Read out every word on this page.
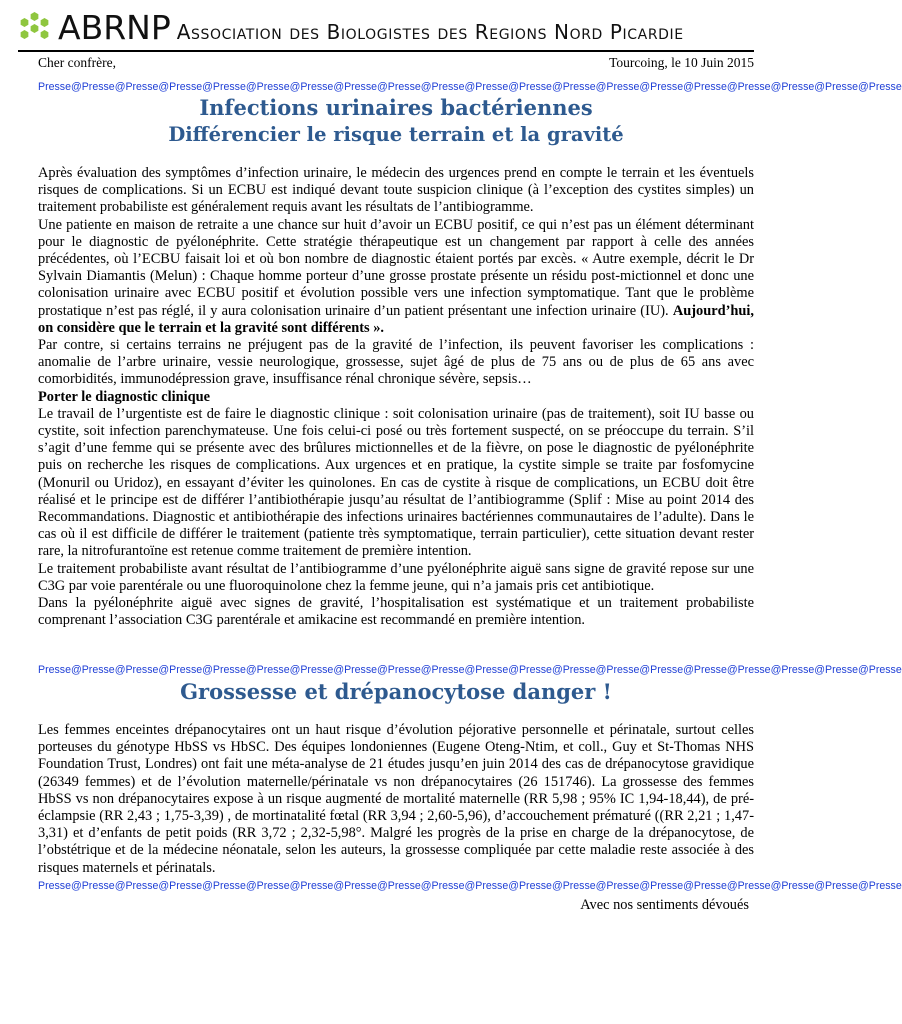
ABRNP Association des Biologistes des Regions Nord Picardie
Cher confrère,	Tourcoing, le 10 Juin 2015
Presse@Presse@Presse@Presse@Presse@Presse@Presse@Presse@Presse@Presse@Presse@Presse@Presse@Presse@Presse@Presse@Presse@Presse@Presse@Presse
Infections urinaires bactériennes
Différencier le risque terrain et la gravité

Après évaluation des symptômes d’infection urinaire, le médecin des urgences prend en compte le terrain et les éventuels risques de complications. Si un ECBU est indiqué devant toute suspicion clinique (à l’exception des cystites simples) un traitement probabiliste est généralement requis avant les résultats de l’antibiogramme.

Une patiente en maison de retraite a une chance sur huit d’avoir un ECBU positif, ce qui n’est pas un élément déterminant pour le diagnostic de pyélonéphrite. Cette stratégie thérapeutique est un changement par rapport à celle des années précédentes, où l’ECBU faisait loi et où bon nombre de diagnostic étaient portés par excès. « Autre exemple, décrit le Dr Sylvain Diamantis (Melun) : Chaque homme porteur d’une grosse prostate présente un résidu post-mictionnel et donc une colonisation urinaire avec ECBU positif et évolution possible vers une infection symptomatique. Tant que le problème prostatique n’est pas réglé, il y aura colonisation urinaire d’un patient présentant une infection urinaire (IU). Aujourd’hui, on considère que le terrain et la gravité sont différents ».

Par contre, si certains terrains ne préjugent pas de la gravité de l’infection, ils peuvent favoriser les complications : anomalie de l’arbre urinaire, vessie neurologique, grossesse, sujet âgé de plus de 75 ans ou de plus de 65 ans avec comorbidités, immunodépression grave, insuffisance rénal chronique sévère, sepsis…

Porter le diagnostic clinique

Le travail de l’urgentiste est de faire le diagnostic clinique : soit colonisation urinaire (pas de traitement), soit IU basse ou cystite, soit infection parenchymateuse. Une fois celui-ci posé ou très fortement suspecté, on se préoccupe du terrain. S’il s’agit d’une femme qui se présente avec des brûlures mictionnelles et de la fièvre, on pose le diagnostic de pyélonéphrite puis on recherche les risques de complications. Aux urgences et en pratique, la cystite simple se traite par fosfomycine (Monuril ou Uridoz), en essayant d’éviter les quinolones. En cas de cystite à risque de complications, un ECBU doit être réalisé et le principe est de différer l’antibiothérapie jusqu’au résultat de l’antibiogramme (Splif : Mise au point 2014 des Recommandations. Diagnostic et antibiothérapie des infections urinaires bactériennes communautaires de l’adulte). Dans le cas où il est difficile de différer le traitement (patiente très symptomatique, terrain particulier), cette situation devant rester rare, la nitrofurantoïne est retenue comme traitement de première intention.

Le traitement probabiliste avant résultat de l’antibiogramme d’une pyélonéphrite aiguë sans signe de gravité repose sur une C3G par voie parentérale ou une fluoroquinolone chez la femme jeune, qui n’a jamais pris cet antibiotique.

Dans la pyélonéphrite aiguë avec signes de gravité, l’hospitalisation est systématique et un traitement probabiliste comprenant l’association C3G parentérale et amikacine est recommandé en première intention.

Presse@Presse@Presse@Presse@Presse@Presse@Presse@Presse@Presse@Presse@Presse@Presse@Presse@Presse@Presse@Presse@Presse@Presse@Presse@Presse
Grossesse et drépanocytose danger !

Les femmes enceintes drépanocytaires ont un haut risque d’évolution péjorative personnelle et périnatale, surtout celles porteuses du génotype HbSS vs HbSC. Des équipes londoniennes (Eugene Oteng-Ntim, et coll., Guy et St-Thomas NHS Foundation Trust, Londres) ont fait une méta-analyse de 21 études jusqu’en juin 2014 des cas de drépanocytose gravidique (26349 femmes) et de l’évolution maternelle/périnatale vs non drépanocytaires (26 151746). La grossesse des femmes HbSS vs non drépanocytaires expose à un risque augmenté de mortalité maternelle (RR 5,98 ; 95% IC 1,94-18,44), de pré-éclampsie (RR 2,43 ; 1,75-3,39) , de mortinatalité fœtal (RR 3,94 ; 2,60-5,96), d’accouchement prématuré ((RR 2,21 ; 1,47-3,31) et d’enfants de petit poids (RR 3,72 ; 2,32-5,98°. Malgré les progrès de la prise en charge de la drépanocytose, de l’obstétrique et de la médecine néonatale, selon les auteurs, la grossesse compliquée par cette maladie reste associée à des risques maternels et périnatals.

Presse@Presse@Presse@Presse@Presse@Presse@Presse@Presse@Presse@Presse@Presse@Presse@Presse@Presse@Presse@Presse@Presse@Presse@Presse@Presse
Avec nos sentiments dévoués
